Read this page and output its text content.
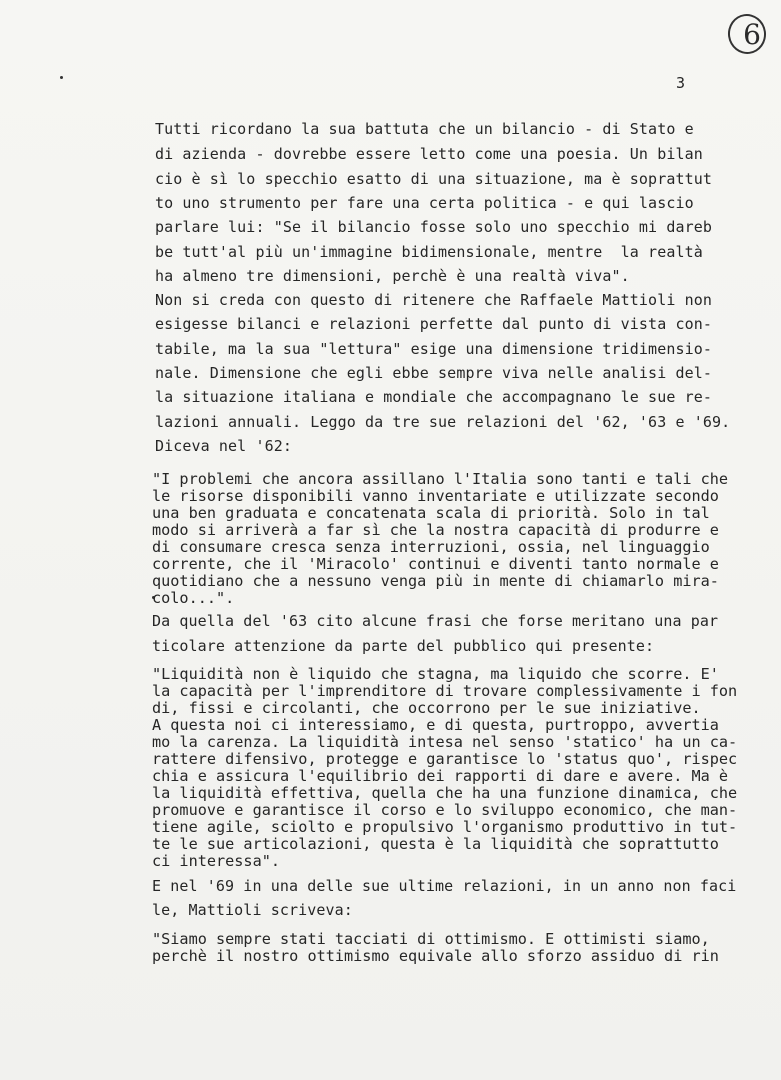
6
3
Tutti ricordano la sua battuta che un bilancio - di Stato e
di azienda - dovrebbe essere letto come una poesia. Un bilan
cio è sì lo specchio esatto di una situazione, ma è soprattut
to uno strumento per fare una certa politica - e qui lascio
parlare lui: "Se il bilancio fosse solo uno specchio mi dareb
be tutt'al più un'immagine bidimensionale, mentre  la realtà
ha almeno tre dimensioni, perchè è una realtà viva".
Non si creda con questo di ritenere che Raffaele Mattioli non
esigesse bilanci e relazioni perfette dal punto di vista con-
tabile, ma la sua "lettura" esige una dimensione tridimensio-
nale. Dimensione che egli ebbe sempre viva nelle analisi del-
la situazione italiana e mondiale che accompagnano le sue re-
lazioni annuali. Leggo da tre sue relazioni del '62, '63 e '69.
Diceva nel '62:
"I problemi che ancora assillano l'Italia sono tanti e tali che
le risorse disponibili vanno inventariate e utilizzate secondo
una ben graduata e concatenata scala di priorità. Solo in tal
modo si arriverà a far sì che la nostra capacità di produrre e
di consumare cresca senza interruzioni, ossia, nel linguaggio
corrente, che il 'Miracolo' continui e diventi tanto normale e
quotidiano che a nessuno venga più in mente di chiamarlo mira-
colo...".
Da quella del '63 cito alcune frasi che forse meritano una par
ticolare attenzione da parte del pubblico qui presente:
"Liquidità non è liquido che stagna, ma liquido che scorre. E'
la capacità per l'imprenditore di trovare complessivamente i fon
di, fissi e circolanti, che occorrono per le sue iniziative.
A questa noi ci interessiamo, e di questa, purtroppo, avvertia
mo la carenza. La liquidità intesa nel senso 'statico' ha un ca-
rattere difensivo, protegge e garantisce lo 'status quo', rispec
chia e assicura l'equilibrio dei rapporti di dare e avere. Ma è
la liquidità effettiva, quella che ha una funzione dinamica, che
promuove e garantisce il corso e lo sviluppo economico, che man-
tiene agile, sciolto e propulsivo l'organismo produttivo in tut-
te le sue articolazioni, questa è la liquidità che soprattutto
ci interessa".
E nel '69 in una delle sue ultime relazioni, in un anno non faci
le, Mattioli scriveva:
"Siamo sempre stati tacciati di ottimismo. E ottimisti siamo,
perchè il nostro ottimismo equivale allo sforzo assiduo di rin
